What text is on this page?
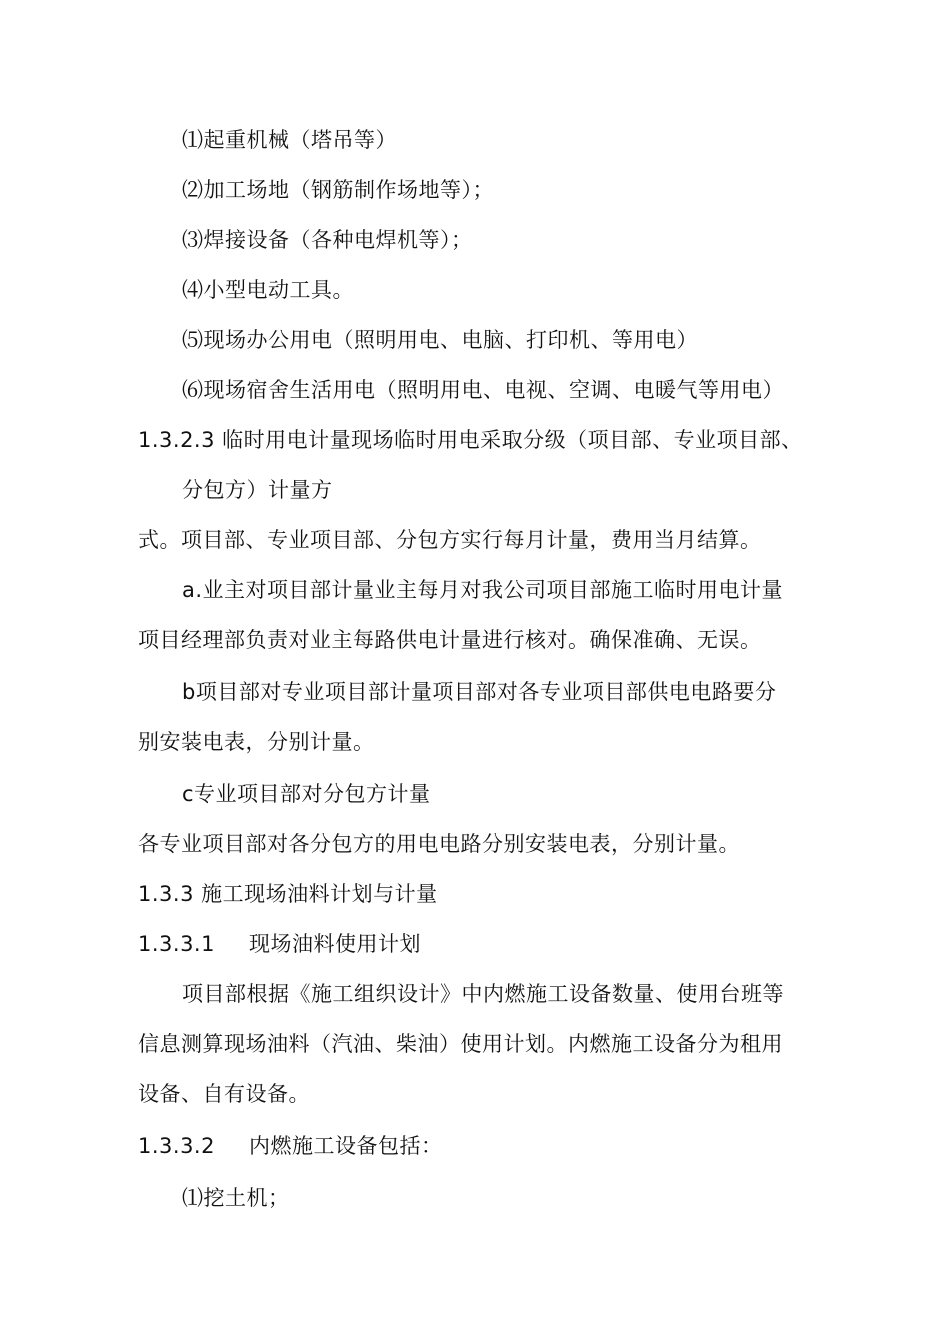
⑴起重机械（塔吊等）
⑵加工场地（钢筋制作场地等）；
⑶焊接设备（各种电焊机等）；
⑷小型电动工具。
⑸现场办公用电（照明用电、电脑、打印机、等用电）
⑹现场宿舍生活用电（照明用电、电视、空调、电暖气等用电）
1.3.2.3 临时用电计量现场临时用电采取分级（项目部、专业项目部、
分包方）计量方
式。项目部、专业项目部、分包方实行每月计量，费用当月结算。
a.业主对项目部计量业主每月对我公司项目部施工临时用电计量
项目经理部负责对业主每路供电计量进行核对。确保准确、无误。
b项目部对专业项目部计量项目部对各专业项目部供电电路要分
别安装电表，分别计量。
c专业项目部对分包方计量
各专业项目部对各分包方的用电电路分别安装电表，分别计量。
1.3.3 施工现场油料计划与计量
1.3.3.1 现场油料使用计划
项目部根据《施工组织设计》中内燃施工设备数量、使用台班等
信息测算现场油料（汽油、柴油）使用计划。内燃施工设备分为租用
设备、自有设备。
1.3.3.2 内燃施工设备包括：
⑴挖土机；
